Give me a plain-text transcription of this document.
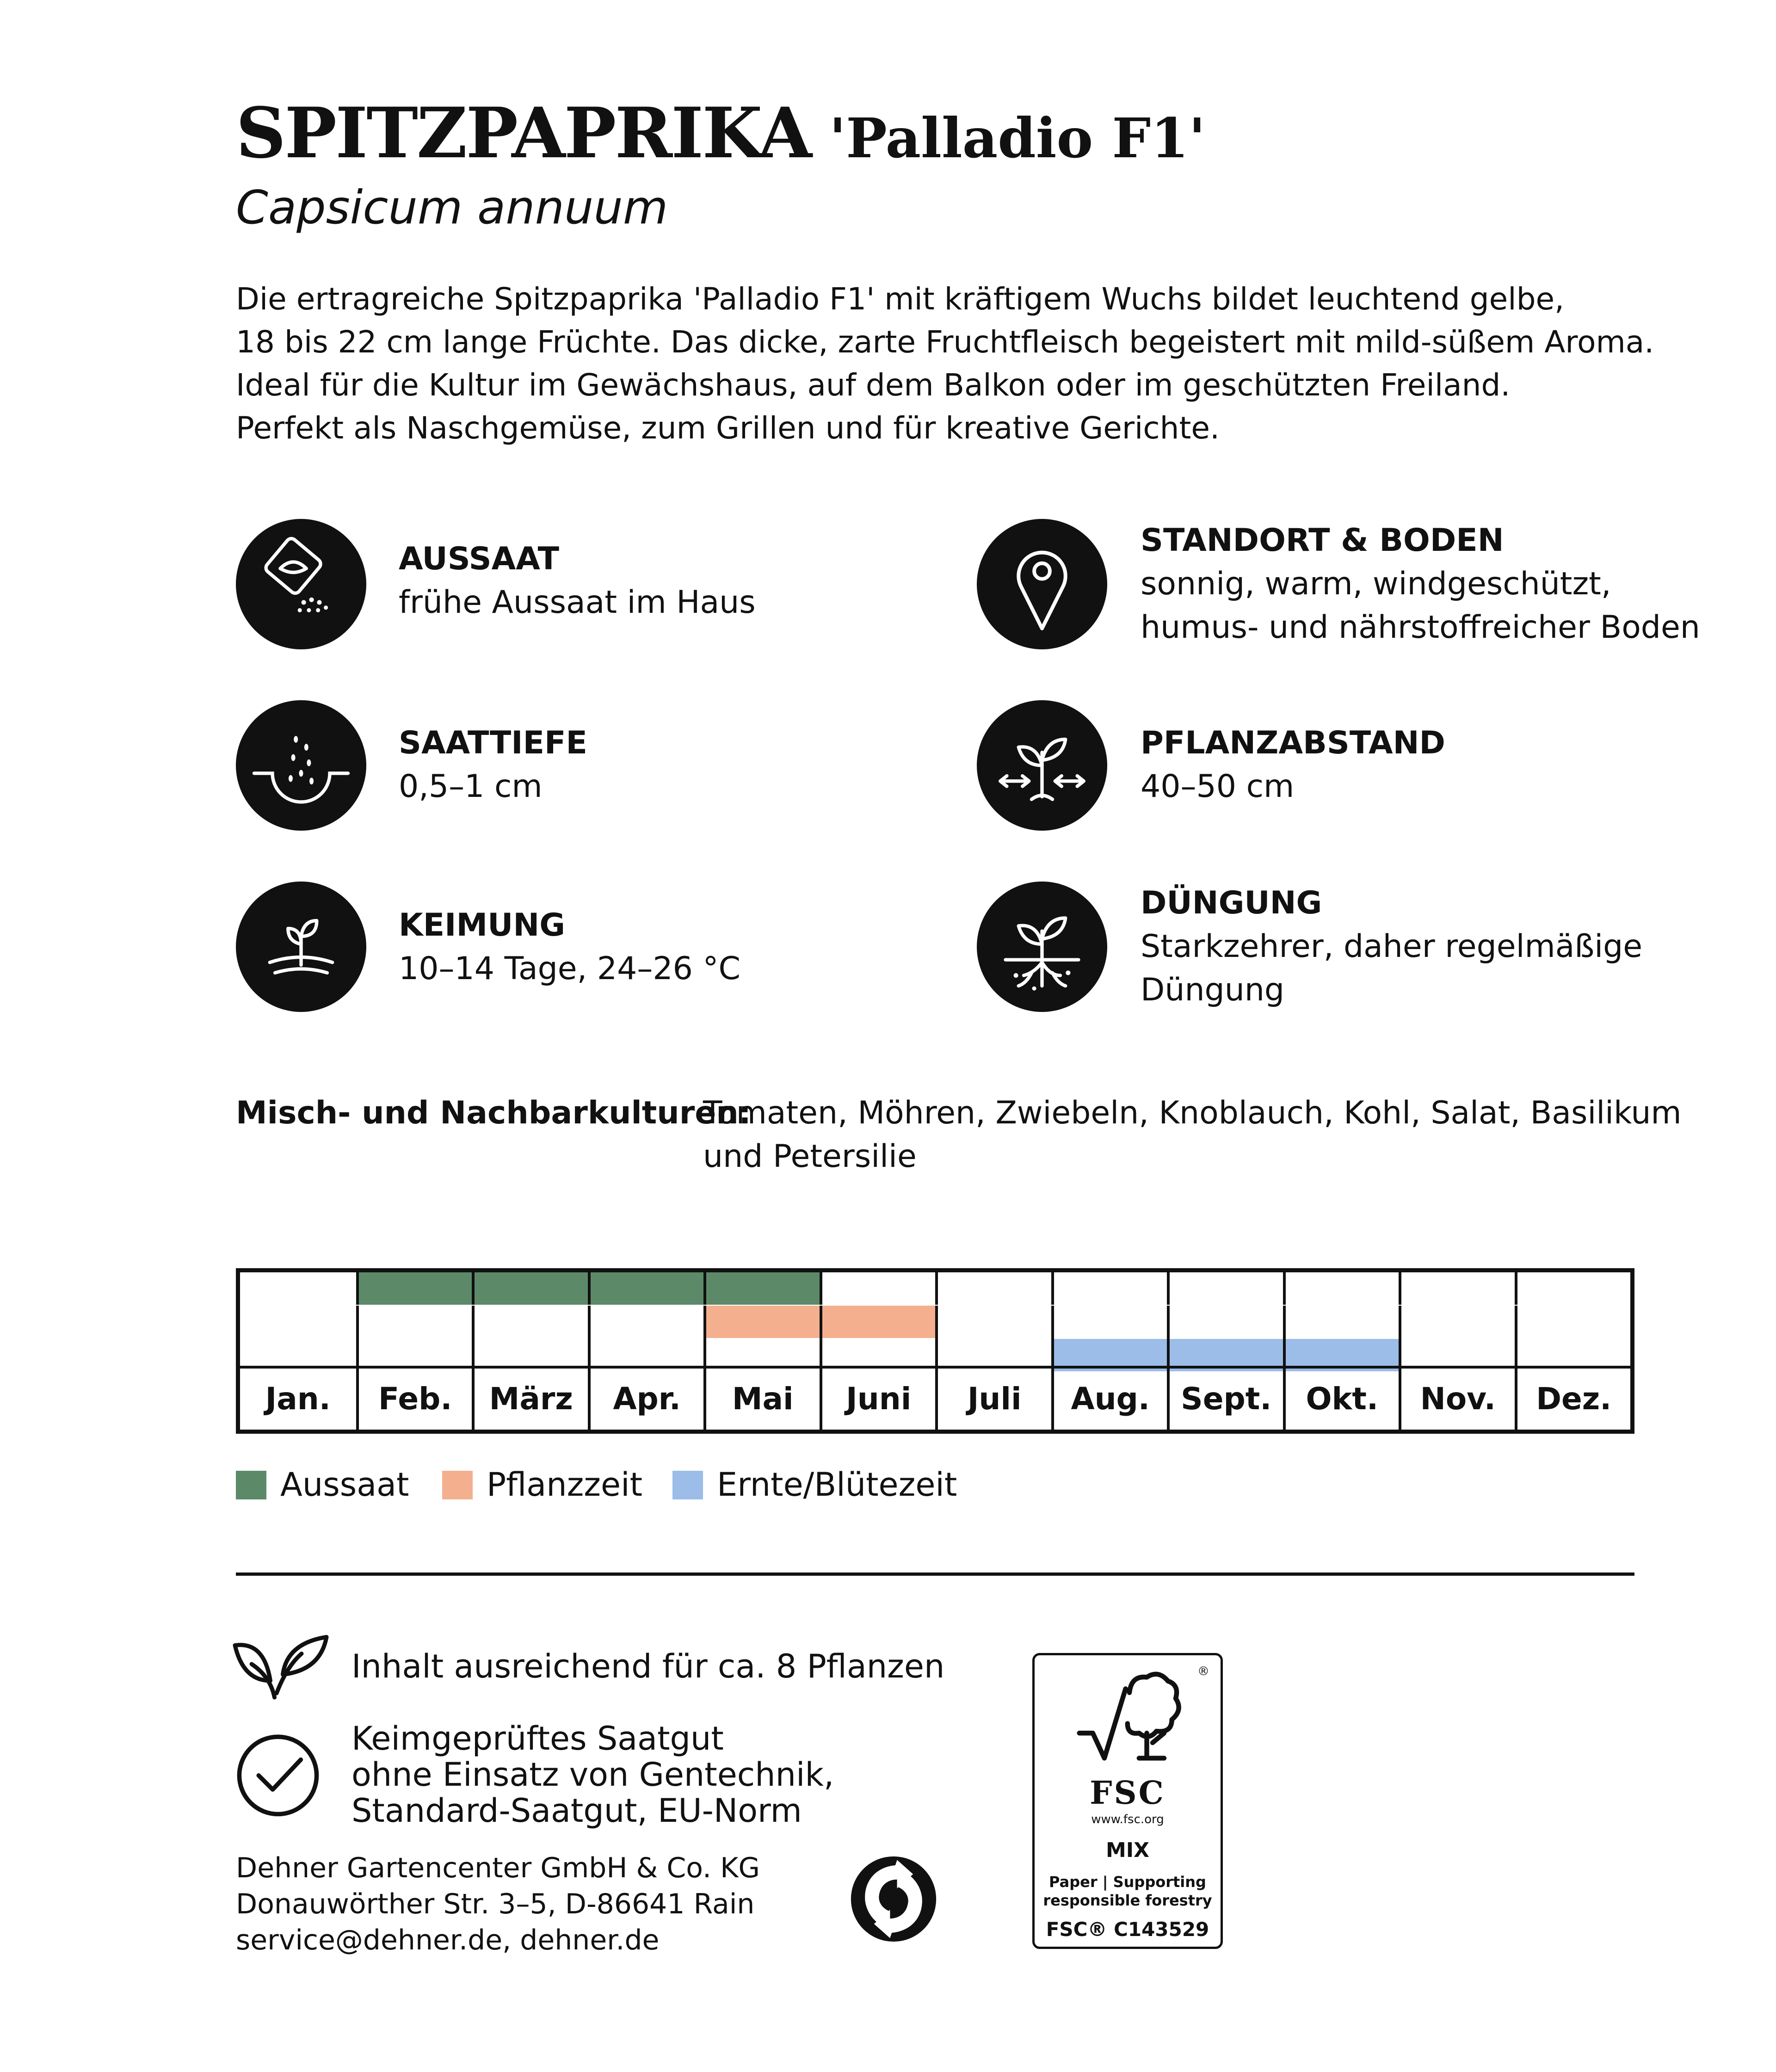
SPITZPAPRIKA 'Palladio F1'
Capsicum annuum
Die ertragreiche Spitzpaprika 'Palladio F1' mit kräftigem Wuchs bildet leuchtend gelbe,
18 bis 22 cm lange Früchte. Das dicke, zarte Fruchtfleisch begeistert mit mild-süßem Aroma.
Ideal für die Kultur im Gewächshaus, auf dem Balkon oder im geschützten Freiland.
Perfekt als Naschgemüse, zum Grillen und für kreative Gerichte.
AUSSAAT
frühe Aussaat im Haus
SAATTIEFE
0,5–1 cm
KEIMUNG
10–14 Tage, 24–26 °C
STANDORT & BODEN
sonnig, warm, windgeschützt,
humus- und nährstoffreicher Boden
PFLANZABSTAND
40–50 cm
DÜNGUNG
Starkzehrer, daher regelmäßige
Düngung
Misch- und Nachbarkulturen:
Tomaten, Möhren, Zwiebeln, Knoblauch, Kohl, Salat, Basilikum
und Petersilie
Jan.	Feb.	März	Apr.	Mai	Juni	Juli	Aug.	Sept.	Okt.	Nov.	Dez.
Aussaat Pflanzzeit Ernte/Blütezeit
Inhalt ausreichend für ca. 8 Pflanzen
Keimgeprüftes Saatgut
ohne Einsatz von Gentechnik,
Standard-Saatgut, EU-Norm
Dehner Gartencenter GmbH & Co. KG
Donauwörther Str. 3–5, D-86641 Rain
service@dehner.de, dehner.de
®
FSC
www.fsc.org
MIX
Paper | Supporting
responsible forestry
FSC® C143529
